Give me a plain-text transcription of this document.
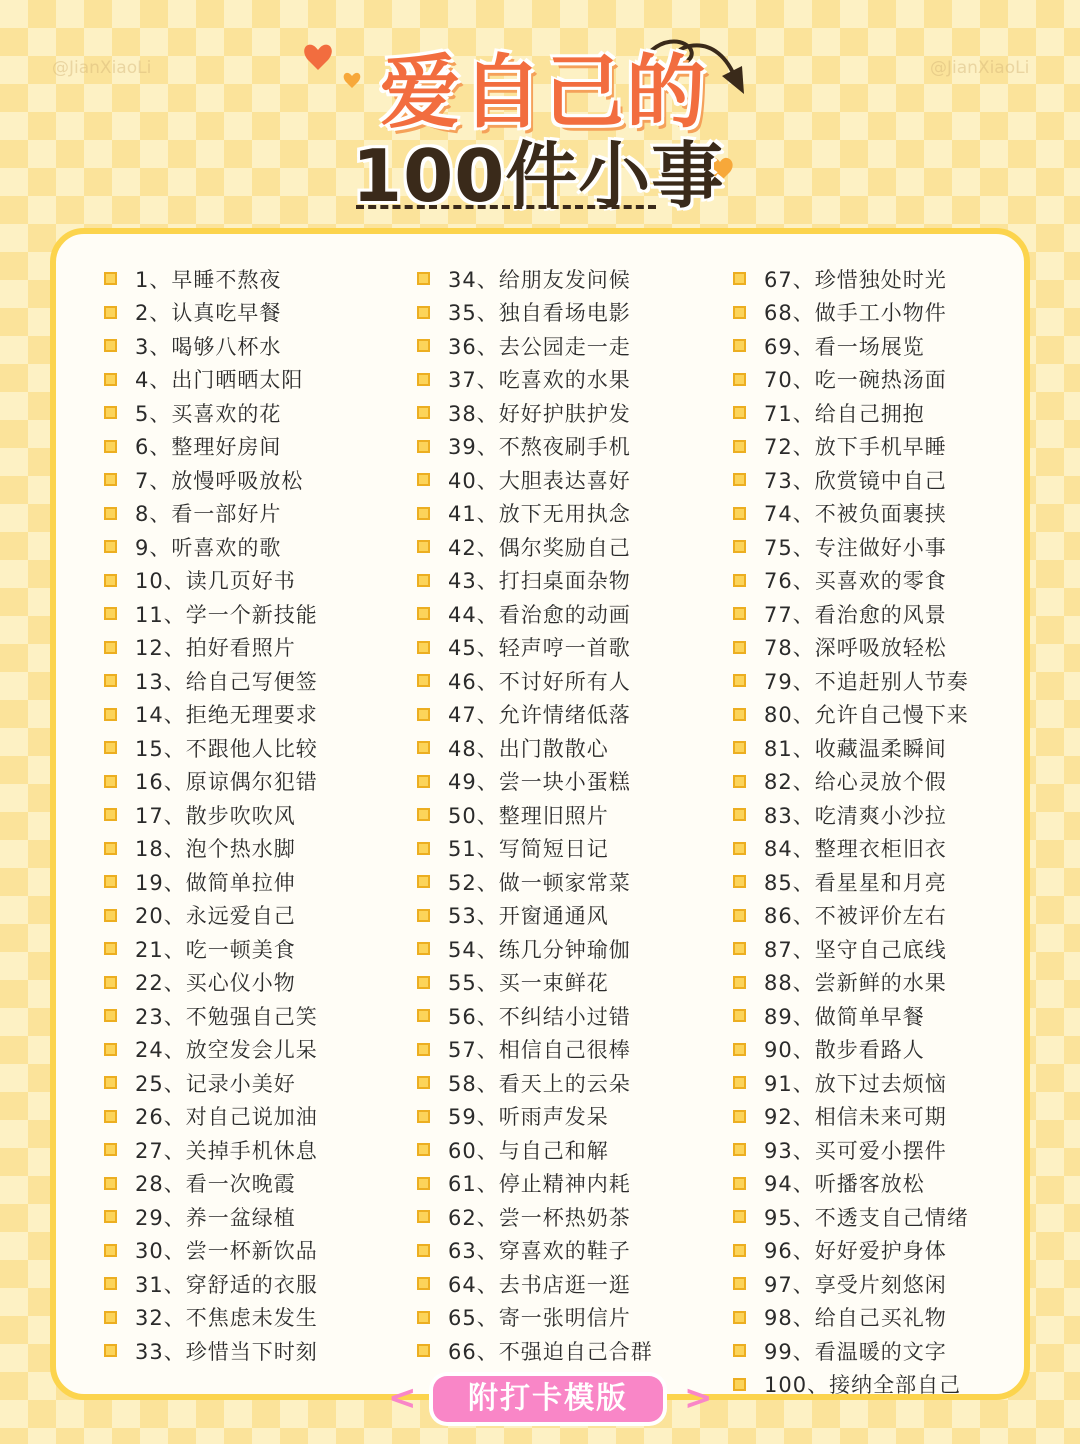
@JianXiaoLi	@JianXiaoLi
爱自己的
100件小事
1、早睡不熬夜
2、认真吃早餐
3、喝够八杯水
4、出门晒晒太阳
5、买喜欢的花
6、整理好房间
7、放慢呼吸放松
8、看一部好片
9、听喜欢的歌
10、读几页好书
11、学一个新技能
12、拍好看照片
13、给自己写便签
14、拒绝无理要求
15、不跟他人比较
16、原谅偶尔犯错
17、散步吹吹风
18、泡个热水脚
19、做简单拉伸
20、永远爱自己
21、吃一顿美食
22、买心仪小物
23、不勉强自己笑
24、放空发会儿呆
25、记录小美好
26、对自己说加油
27、关掉手机休息
28、看一次晚霞
29、养一盆绿植
30、尝一杯新饮品
31、穿舒适的衣服
32、不焦虑未发生
33、珍惜当下时刻
34、给朋友发问候
35、独自看场电影
36、去公园走一走
37、吃喜欢的水果
38、好好护肤护发
39、不熬夜刷手机
40、大胆表达喜好
41、放下无用执念
42、偶尔奖励自己
43、打扫桌面杂物
44、看治愈的动画
45、轻声哼一首歌
46、不讨好所有人
47、允许情绪低落
48、出门散散心
49、尝一块小蛋糕
50、整理旧照片
51、写简短日记
52、做一顿家常菜
53、开窗通通风
54、练几分钟瑜伽
55、买一束鲜花
56、不纠结小过错
57、相信自己很棒
58、看天上的云朵
59、听雨声发呆
60、与自己和解
61、停止精神内耗
62、尝一杯热奶茶
63、穿喜欢的鞋子
64、去书店逛一逛
65、寄一张明信片
66、不强迫自己合群
67、珍惜独处时光
68、做手工小物件
69、看一场展览
70、吃一碗热汤面
71、给自己拥抱
72、放下手机早睡
73、欣赏镜中自己
74、不被负面裹挟
75、专注做好小事
76、买喜欢的零食
77、看治愈的风景
78、深呼吸放轻松
79、不追赶别人节奏
80、允许自己慢下来
81、收藏温柔瞬间
82、给心灵放个假
83、吃清爽小沙拉
84、整理衣柜旧衣
85、看星星和月亮
86、不被评价左右
87、坚守自己底线
88、尝新鲜的水果
89、做简单早餐
90、散步看路人
91、放下过去烦恼
92、相信未来可期
93、买可爱小摆件
94、听播客放松
95、不透支自己情绪
96、好好爱护身体
97、享受片刻悠闲
98、给自己买礼物
99、看温暖的文字
100、接纳全部自己
<	附打卡模版	>
